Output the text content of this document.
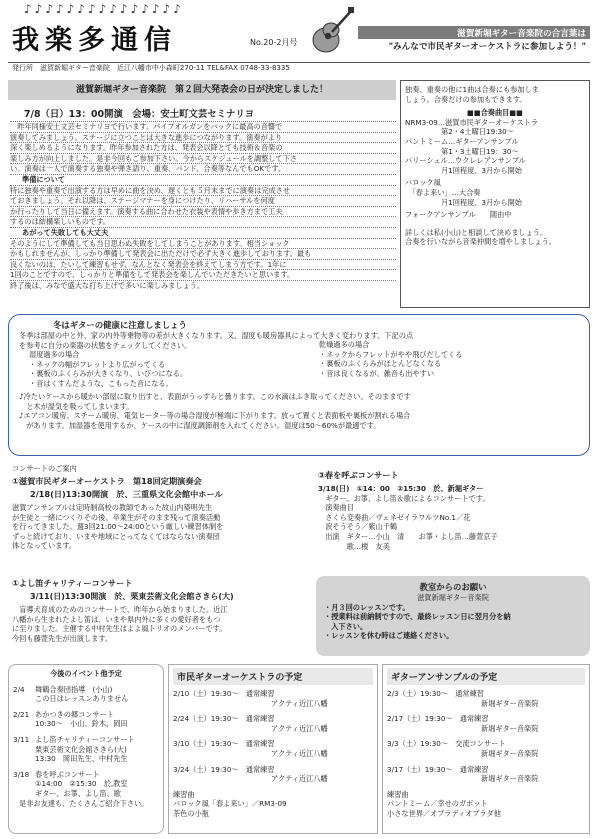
♪♪♪♪♪♪♪♪♪♪♪♪♪♪♪
我楽多通信	No.20-2月号
滋賀新堀ギター音楽院の合言葉は
"みんなで市民ギターオーケストラに参加しよう！"
発行所　滋賀新堀ギター音楽院　近江八幡市中小森町270-11 TEL&FAX 0748-33-8335
滋賀新堀ギター音楽院　第２回大発表会の日が決定しました！
7/8（日）13：00開演　会場：安土町文芸セミナリヨ
　昨年同様安土文芸セミナリヨで行います。パイプオルガンをバックに最高の音響で
演奏してみましょう。ステージに立つことは大きな進歩につながります。演奏がより
深く楽しめるようになります。昨年参加された方は、発表会以降とても技術＆音楽の
楽しみ方が向上しました。是非今回もご参加下さい。今からスケジュールを調整して下さ
い。演奏は一人で演奏する独奏や弾き語り、重奏、バンド、合奏等なんでもOKです。
準備について
特に独奏や重奏で出演する方は早めに曲を決め、遅くとも５月末までに演奏は完成させ
ておきましょう。それ以降は、ステージマナーを身につけたり、リハーサルを何度
か行ったりして当日に備えます。演奏する曲に合わせた衣装や表情や歩き方まで工夫
するのは結構楽しいものです。
あがって失敗しても大丈夫
そのようにして準備しても当日思わぬ失敗をしてしまうことがあります。相当ショック
かもしれませんが、しっかり準備して発表会に出ただけで必ず大きく進歩しております。最も
良くないのは、たいして練習もせず、なんとなく発表会を終えてしまう方です。1年に
1回のことですので、しっかりと準備をして発表会を楽しんでいただきたいと思います。
終了後は、みなで盛大な打ち上げで多いに楽しみましょう。
独奏、重奏の他に1曲は合奏にも参加しま
しょう。合奏だけの参加もできます。
■■合奏曲目■■
NRM3-09…滋賀市民ギターオーケストラ
　　　　　第2・4土曜日19:30～
パントミーム…ギターアンサンブル
　　　　　第1・3土曜日19：30～
パリーシェル…ウクレレアンサンブル
　　　　　月1回程度、3月から開始
バロック風
　「春よ来い」…大合奏
　　　　　月1回程度、3月から開始
フォークアンサンブル　　随由中
詳しくは私(小山)と相談して決めましょう。
合奏を行いながら音楽仲間を増やしましょう。
冬はギターの健康に注意しましょう
冬季は部屋の中と外、家の内外等乗物等の差が大きくなります。又、湿度も暖房器具によって大きく変わります。下記の点
を参考に自分の楽器の状態をチェックしてください。
湿度過多の場合
・ネックの幅がフレットより広がってくる
・裏板のふくらみが大きくなり、いびつになる。
・音はくすんだような、こもった音になる。
乾燥過多の場合
・ネックからフレットがやや飛びだしてくる
・裏板のふくらみがほとんどなくなる
・音は良くなるが、雑音も出やすい
♪冷たいケースから暖かい部屋に取り出すと、表面がうっすらと曇ります。この水滴はふき取ってください。そのままです
　と木が湿気を吸ってしまいます。
♪エアコン暖房、スチーム暖房、電気ヒーター等の場合湿度が極端に下がります。放って置くと表面板や裏板が割れる場合
　があります。加湿器を使用するか、ケースの中に湿度調節剤を入れてください。湿度は50～60%が最適です。
コンサートのご案内
①滋賀市民ギターオーケストラ　第18回定期演奏会
2/18(日)13:30開演　於、三重県文化会館中ホール
滋賀アンサンブルは定時制高校の教師であった故山内築明先生
が生徒と一緒につくりその後、卒業生がそのまま残って演奏活動
を行ってきました。週3回21:00～24:00という厳しい練習体制を
ずっと続けており、いまや地域にとってなくてはならない演奏団
体となっています。
①よし笛チャリティーコンサート
3/11(日)13:30開演　於、栗東芸術文化会館さきら(大)
　盲導犬育成のためのコンサートで、昨年から始まりました。近江
八幡から生まれたよし笛は、いまや県内外に多くの愛好者をもつ
に至りました。主催する中村先生はよよ風トリオのメンバーです。
今回も藤萱先生が出演します。
③春を呼ぶコンサート
3/18(日)　①14：00　②15:30　於、新堀ギター
　ギター、お箏、よし笛＆歌によるコンサートです。
　演奏曲目
　さくら変奏曲／ヴェネゼイラワルツNo.1／花
　涙そうそう／紫山千鶴
　出演　ギター…小山　清　　お箏・よし笛…藤萱京子
　　　　歌…榎　友美
教室からのお願い
滋賀新堀ギター音楽院
・月３回のレッスンです。
・授業料は前納制ですので、最終レッスン日に翌月分を納
　入下さい。
・レッスンを休む時はご連絡ください。
今後のイベント他予定
2/4 舞鶴合奏団指導　(小山)
この日はレッスンありません
2/21 あかつきの郷コンサート
10:30～　小山、鈴木、岡田
3/11 よし笛チャリティーコンサート
栗東芸術文化会館さきら(大)
13:30　岡田先生、中村先生
3/18 春を呼ぶコンサート
①14:00　②15:30　於,教室
ギター、お箏、よし笛、歌
是非お友達も、たくさんご紹介下さい。
市民ギターオーケストラの予定
2/10（土）19:30～　通常練習
アクティ近江八幡
2/24（土）19:30～　通常練習
アクティ近江八幡
3/10（土）19:30～　通常練習
アクティ近江八幡
3/24（土）19:30～　通常練習
アクティ近江八幡
練習曲
バロック風「春よ来い」／RM3-09
茶色の小瓶
ギターアンサンブルの予定
2/3（土）19:30～　通常練習
新堀ギター音楽院
2/17（土）19:30～　通常練習
新堀ギター音楽院
3/3（土）19:30～　交流コンサート
新堀ギター音楽院
3/17（土）19:30～　通常練習
新堀ギター音楽院
練習曲
パントミーム／幸せのガボット
小さな世界／オブラディオブラダ他
